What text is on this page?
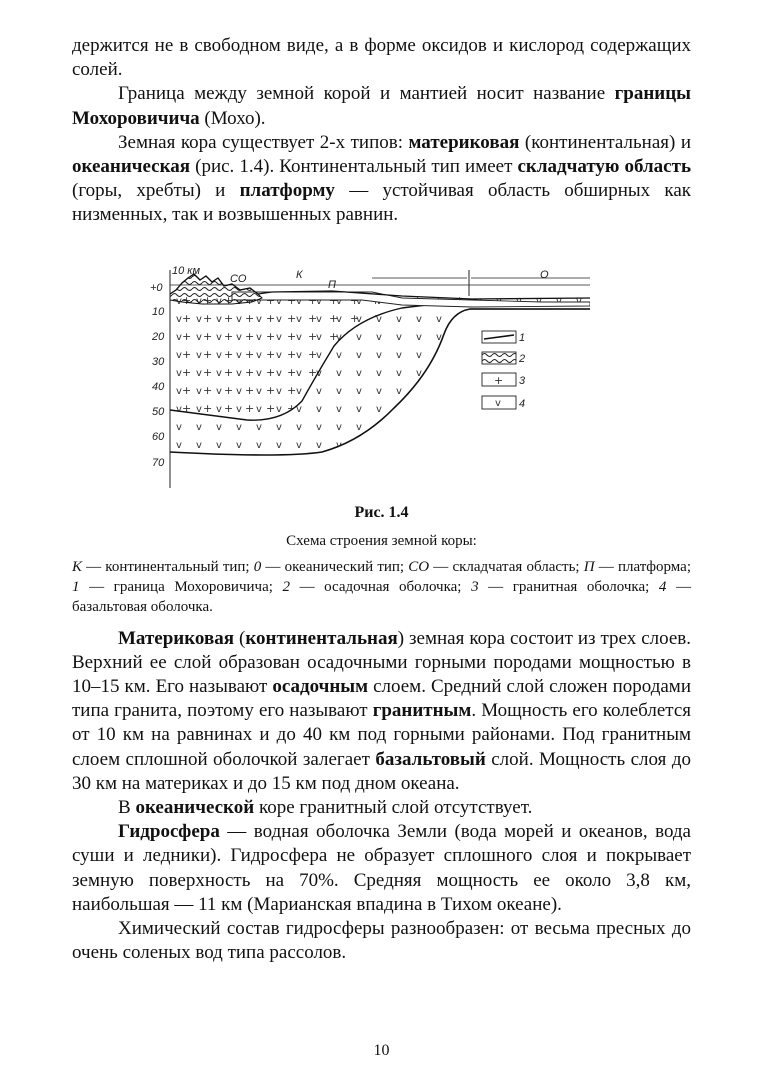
держится не в свободном виде, а в форме оксидов и кислород содержащих солей.

Граница между земной корой и мантией носит название границы Мохоровичича (Мохо).

Земная кора существует 2-х типов: материковая (континентальная) и океаническая (рис. 1.4). Континентальный тип имеет складчатую область (горы, хребты) и платформу — устойчивая область обширных как низменных, так и возвышенных равнин.

+0
10
20
30
40
50
60
70
10 км	К
СО	П
О
1
2
+ 3
v 4
Рис. 1.4
Схема строения земной коры:
К — континентальный тип; 0 — океанический тип; СО — складчатая область; П — платформа; 1 — граница Мохоровичича; 2 — осадочная оболочка; 3 — гранитная оболочка; 4 — базальтовая оболочка.

Материковая (континентальная) земная кора состоит из трех слоев. Верхний ее слой образован осадочными горными породами мощностью в 10–15 км. Его называют осадочным слоем. Средний слой сложен породами типа гранита, поэтому его называют гранитным. Мощность его колеблется от 10 км на равнинах и до 40 км под горными районами. Под гранитным слоем сплошной оболочкой залегает базальтовый слой. Мощность слоя до 30 км на материках и до 15 км под дном океана.

В океанической коре гранитный слой отсутствует.

Гидросфера — водная оболочка Земли (вода морей и океанов, вода суши и ледники). Гидросфера не образует сплошного слоя и покрывает земную поверхность на 70%. Средняя мощность ее около 3,8 км, наибольшая — 11 км (Марианская впадина в Тихом океане).

Химический состав гидросферы разнообразен: от весьма пресных до очень соленых вод типа рассолов.

10
